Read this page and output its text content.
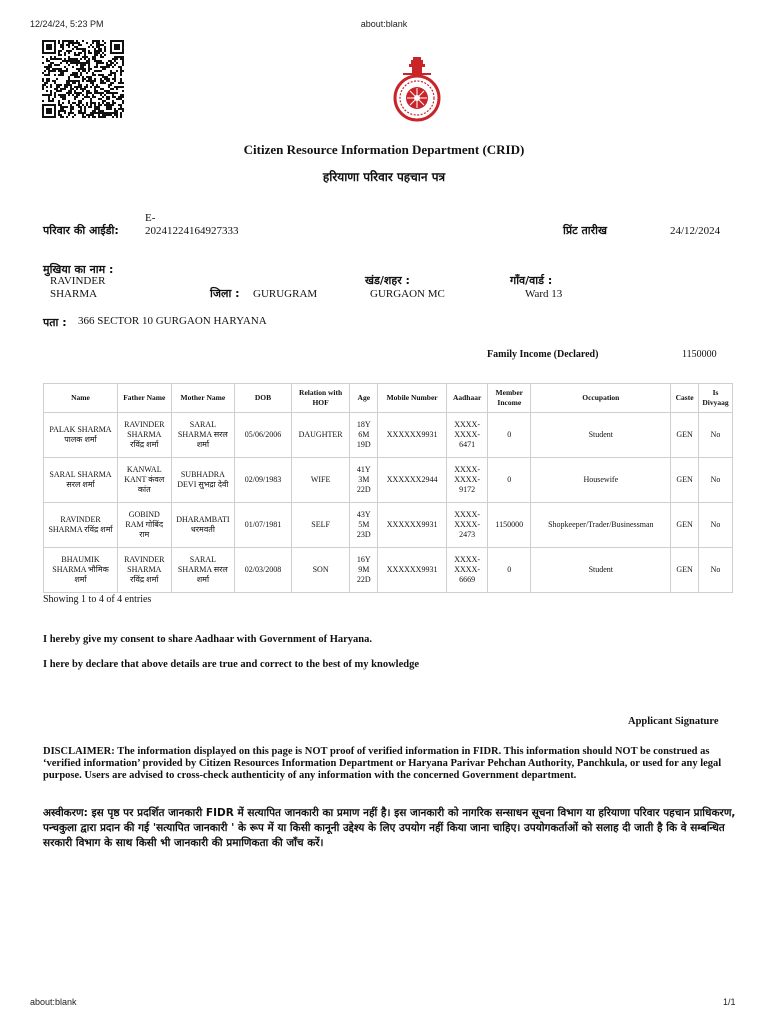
12/24/24, 5:23 PM	about:blank
Citizen Resource Information Department (CRID)
हरियाणा परिवार पहचान पत्र
परिवार की आईडी:
E-
20241224164927333	प्रिंट तारीख	24/12/2024
मुखिया का नाम :
RAVINDER
SHARMA	जिला : GURUGRAM
खंड/शहर :
GURGAON MC
गाँव/वार्ड :
Ward 13
पता : 366 SECTOR 10 GURGAON HARYANA
Family Income (Declared)	1150000
Name	Father Name	Mother Name	DOB	Relation with HOF	Age	Mobile Number	Aadhaar	Member Income	Occupation	Caste	Is Divyaag
PALAK SHARMA पालक शर्मा	RAVINDER SHARMA रविंद्र शर्मा	SARAL SHARMA सरल शर्मा	05/06/2006	DAUGHTER	18Y 6M 19D	XXXXXX9931	XXXX-XXXX-6471	0	Student	GEN	No
SARAL SHARMA सरल शर्मा	KANWAL KANT कंवल कांत	SUBHADRA DEVI सुभद्रा देवी	02/09/1983	WIFE	41Y 3M 22D	XXXXXX2944	XXXX-XXXX-9172	0	Housewife	GEN	No
RAVINDER SHARMA रविंद्र शर्मा	GOBIND RAM गोबिंद राम	DHARAMBATI धरमवती	01/07/1981	SELF	43Y 5M 23D	XXXXXX9931	XXXX-XXXX-2473	1150000	Shopkeeper/Trader/Businessman	GEN	No
BHAUMIK SHARMA भौमिक शर्मा	RAVINDER SHARMA रविंद्र शर्मा	SARAL SHARMA सरल शर्मा	02/03/2008	SON	16Y 9M 22D	XXXXXX9931	XXXX-XXXX-6669	0	Student	GEN	No
Showing 1 to 4 of 4 entries
I hereby give my consent to share Aadhaar with Government of Haryana.
I here by declare that above details are true and correct to the best of my knowledge
Applicant Signature
DISCLAIMER: The information displayed on this page is NOT proof of verified information in FIDR. This information should NOT be construed as ‘verified information’ provided by Citizen Resources Information Department or Haryana Parivar Pehchan Authority, Panchkula, or used for any legal purpose. Users are advised to cross-check authenticity of any information with the concerned Government department.
अस्वीकरण: इस पृष्ठ पर प्रदर्शित जानकारी FIDR में सत्यापित जानकारी का प्रमाण नहीं है। इस जानकारी को नागरिक सन्साधन सूचना विभाग या हरियाणा परिवार पहचान प्राधिकरण, पन्चकुला द्वारा प्रदान की गई 'सत्यापित जानकारी ' के रूप में या किसी कानूनी उद्देश्य के लिए उपयोग नहीं किया जाना चाहिए। उपयोगकर्ताओं को सलाह दी जाती है कि वे सम्बन्धित सरकारी विभाग के साथ किसी भी जानकारी की प्रमाणिकता की जाँच करें।
about:blank	1/1
